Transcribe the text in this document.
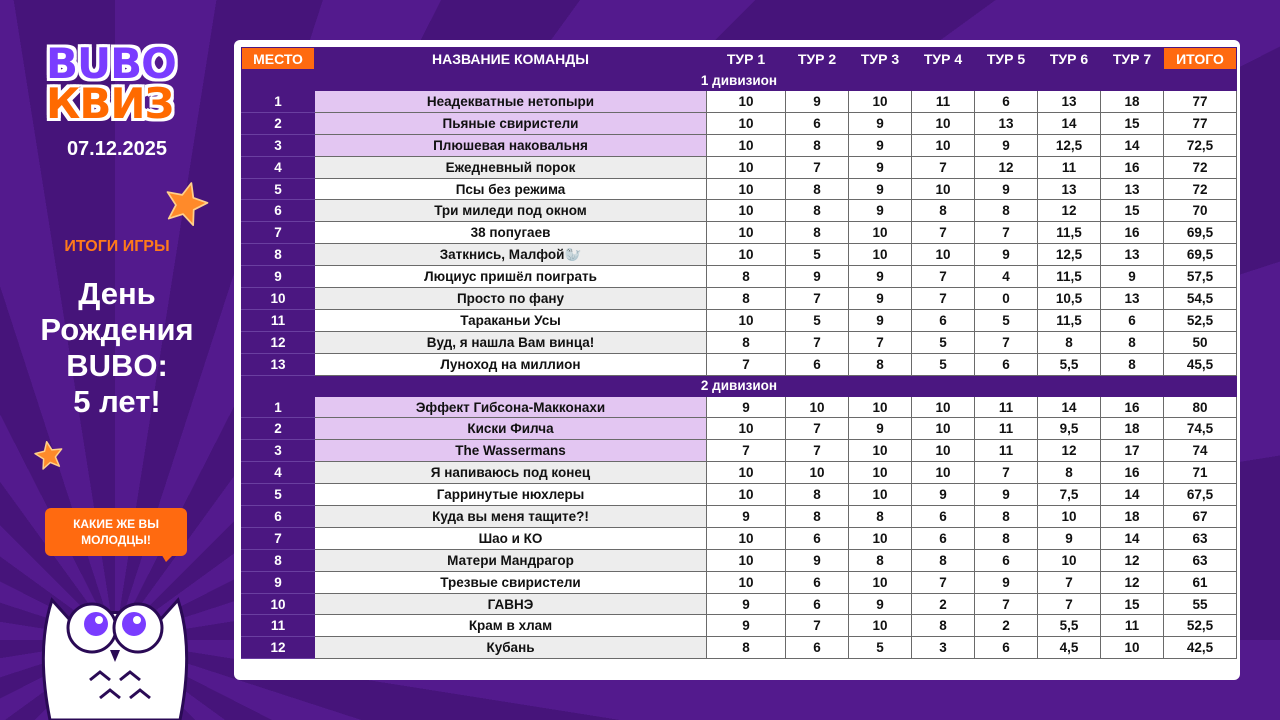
BUBO
КВИЗ
07.12.2025
ИТОГИ ИГРЫ
День
Рождения
BUBO:
5 лет!
КАКИЕ ЖЕ ВЫ
МОЛОДЦЫ!
МЕСТО	НАЗВАНИЕ КОМАНДЫ	ТУР 1	ТУР 2	ТУР 3	ТУР 4	ТУР 5	ТУР 6	ТУР 7	ИТОГО
1 дивизион									
1	Неадекватные нетопыри	10	9	10	11	6	13	18	77
2	Пьяные свиристели	10	6	9	10	13	14	15	77
3	Плюшевая наковальня	10	8	9	10	9	12,5	14	72,5
4	Ежедневный порок	10	7	9	7	12	11	16	72
5	Псы без режима	10	8	9	10	9	13	13	72
6	Три миледи под окном	10	8	9	8	8	12	15	70
7	38 попугаев	10	8	10	7	7	11,5	16	69,5
8	Заткнись, Малфой🦭	10	5	10	10	9	12,5	13	69,5
9	Люциус пришёл поиграть	8	9	9	7	4	11,5	9	57,5
10	Просто по фану	8	7	9	7	0	10,5	13	54,5
11	Тараканьи Усы	10	5	9	6	5	11,5	6	52,5
12	Вуд, я нашла Вам винца!	8	7	7	5	7	8	8	50
13	Луноход на миллион	7	6	8	5	6	5,5	8	45,5
2 дивизион									
1	Эффект Гибсона-Макконахи	9	10	10	10	11	14	16	80
2	Киски Филча	10	7	9	10	11	9,5	18	74,5
3	The Wassermans	7	7	10	10	11	12	17	74
4	Я напиваюсь под конец	10	10	10	10	7	8	16	71
5	Гарринутые нюхлеры	10	8	10	9	9	7,5	14	67,5
6	Куда вы меня тащите?!	9	8	8	6	8	10	18	67
7	Шао и КО	10	6	10	6	8	9	14	63
8	Матери Мандрагор	10	9	8	8	6	10	12	63
9	Трезвые свиристели	10	6	10	7	9	7	12	61
10	ГАВНЭ	9	6	9	2	7	7	15	55
11	Крам в хлам	9	7	10	8	2	5,5	11	52,5
12	Кубань	8	6	5	3	6	4,5	10	42,5
